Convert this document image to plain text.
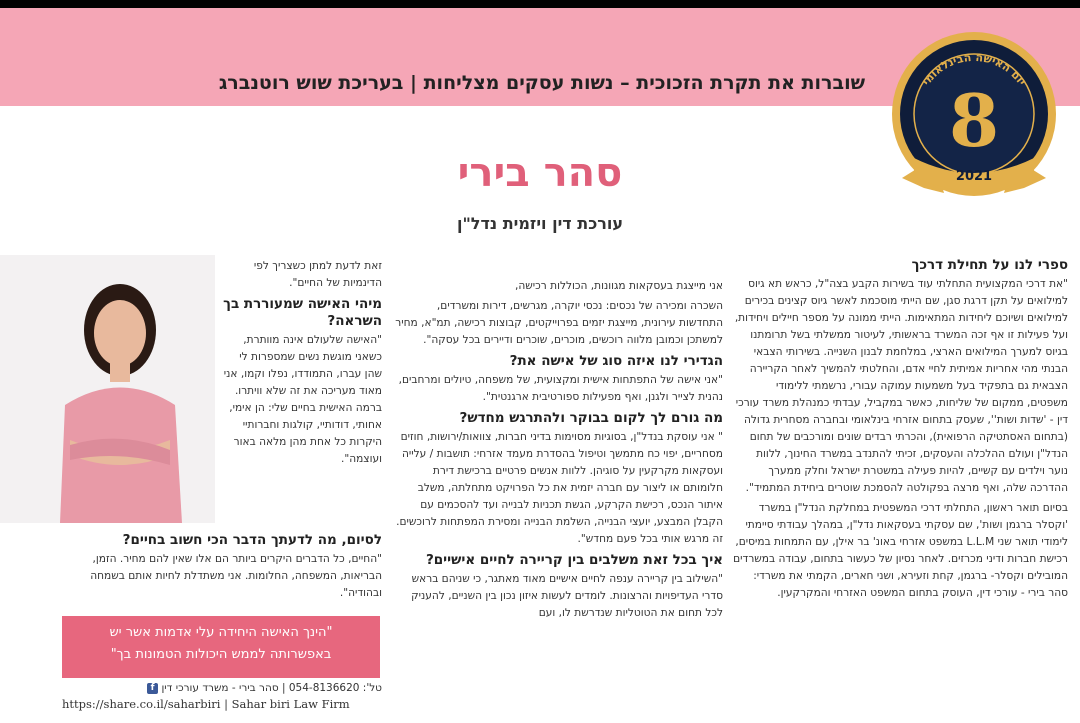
שוברות את תקרת הזכוכית – נשות עסקים מצליחות | בעריכת שוש רוטנברג	יום האישה הבינלאומי
8
2021
סהר בירי
עורכת דין ויזמית נדל"ן
ספרי לנו על תחילת דרכך

"את דרכי המקצועית התחלתי עוד בשירות הקבע בצה"ל, כראש תא גיוס למילואים על תקן דרגת סגן, שם הייתי מוסכמת לאשר גיוס קצינים בכירים למילואים ושיוכם ליחידות המתאימות. הייתי ממונה על מספר חיילים ויחידות, ועל פעילות זו אף זכה המשרד בראשותי, לעיטור ממשלתי בשל תרומתנו בגיוס למערך המילואים הארצי, במלחמת לבנון השנייה. בשירותי הצבאי הבנתי מהי אחריות אמיתית לחיי אדם, והחלטתי להמשיך לאחר הקריירה הצבאית גם בתפקיד בעל משמעות עמוקה עבורי, נרשמתי ללימודי משפטים, ממקום של שליחות, כאשר במקביל, עבדתי כמנהלת משרד עורכי דין - 'שדות ושות'', שעסק בתחום אזרחי בינלאומי ובחברה מסחרית גדולה (בתחום האסתטיקה הרפואית), והכרתי רבדים שונים ומורכבים של תחום הנדל"ן ועולם ההלכלה והעסקים, זכיתי להתנדב במשרד החינוך, ללוות נוער וילדים עם קשיים, להיות פעילה במשטרת ישראל וחלק ממערך ההדרכה שלה, ואף מרצה בפקולטה להסמכת שוטרים ביחידת המתמיד".

בסיום תואר ראשון, התחלתי דרכי המשפטית במחלקת הנדל"ן במשרד 'וקסלר ברגמן ושות', שם עסקתי בעסקאות נדל"ן, במהלך עבודתי סיימתי לימודי תואר שני L.L.M במשפט אזרחי באונ' בר אילן, עם התמחות במיסים, רכישת חברות ודיני מכרזים. לאחר נסיון של כעשור בתחום, עבודה במשרדים המובילים וקסלר- ברגמן, קחת וזעירא, ושני חארים, הקמתי את משרדי: סהר בירי - עורכי דין, העוסק בתחום המשפט האזרחי והמקרקעין.

אני מייצגת בעסקאות מגוונות, הכוללות רכישה,

השכרה ומכירה של נכסים: נכסי יוקרה, מגרשים, דירות ומשרדים, התחדשות עירונית, מייצגת יזמים בפרוייקטים, קבוצות רכישה, תמ"א, מחיר למשתכן וכמובן מלווה רוכשים, מוכרים, שוכרים ודיירים בכל עסקה".

הגדירי לנו איזה סוג של אישה את?

"אני אישה של התפתחות אישית ומקצועית, של משפחה, טיולים ומרחבים, נהנית לצייר ולגנן, ואף מפעילות ספורטיבית ארגנטית".

מה גורם לך לקום בבוקר ולהתרגש מחדש?

" אני עוסקת בנדל"ן, בסוגיות מסוימות בדיני חברות, צוואות/ירושות, חוזים מסחריים, יפוי כח מתמשך וטיפול בהסדרת מעמד אזרחי: תושבות / עלייה ועסקאות מקרקעין על סוגיהן. ללוות אנשים פרטיים ברכישת דירת חלומותם או ליצור עם חברה יזמית את כל הפרויקט מתחלתה, משלב איתור הנכס, רכישת הקרקע, הגשת תכניות לבנייה ועד להסכמים עם הקבלן המבצע, יועצי הבנייה, השלמת הבנייה ומסירת המפתחות לרוכשים. זה מרגש אותי בכל פעם מחדש".

איך בכל זאת משלבים בין קריירה לחיים אישיים?

"השילוב בין קריירה ענפה לחיים אישיים מאוד מאתגר, כי שניהם בראש סדרי העדיפויות והרצונות. לומדים לעשות איזון נכון בין השניים, להעניק לכל תחום את הטוטליות שנדרשת לו, ועם

זאת לדעת למתן כשצריך לפי הדינמיות של החיים".

מיהי האישה שמעוררת בך השראה?

"האישה שלעולם אינה מוותרת, כשאני מוגשת נשים שמספרות לי שהן עברו, התמודדו, נפלו וקמו, אני מאוד מעריכה את זה שלא וויתרו. ברמה האישית בחיים שלי: הן אימי, אחותי, דודותיי, קולגות וחברותיי היקרות כל אחת מהן מלאה באור ועוצמה".

לסיום, מה לדעתך הדבר הכי חשוב בחיים?

"החיים, כל הדברים היקרים ביותר הם אלו שאין להם מחיר. הזמן, הבריאות, המשפחה, החלומות. אני משתדלת לחיות אותם בשמחה ובהודיה".

"הינך האישה היחידה עלי אדמות אשר יש
באפשרותה לממש היכולות הטמונות בך"
טל': 054-8136620 | סהר בירי - משרד עורכי דין f
https://share.co.il/saharbiri | Sahar biri Law Firm
